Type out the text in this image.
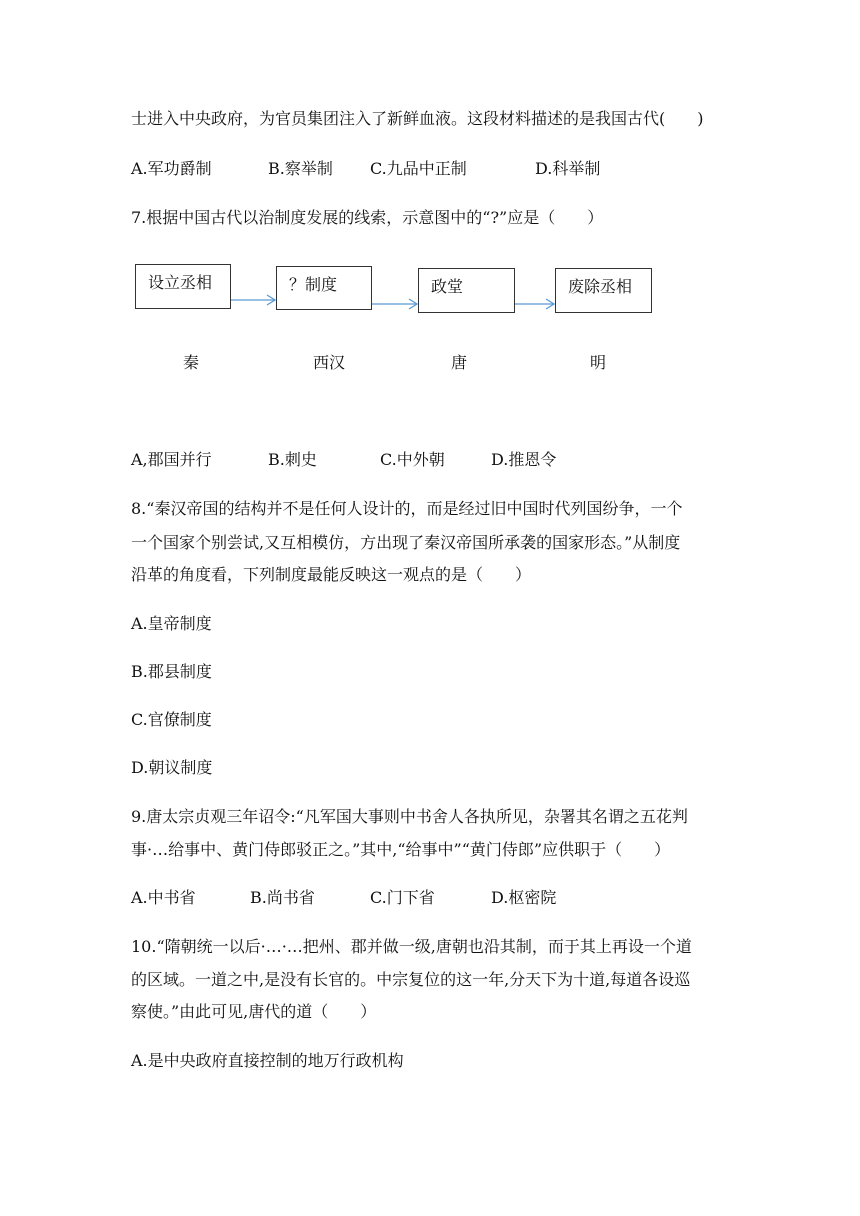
士进入中央政府，为官员集团注入了新鲜血液。这段材料描述的是我国古代(　　)
A.军功爵制	B.察举制 C.九品中正制	D.科举制
7.根据中国古代以治制度发展的线索，示意图中的“?”应是（　　）
设立丞相	？制度	政堂	废除丞相
秦	西汉	唐	明
A,郡国并行	B.刺史	C.中外朝	D.推恩令
8.“秦汉帝国的结构并不是任何人设计的，而是经过旧中国时代列国纷争，一个
一个国家个别尝试,又互相模仿，方出现了秦汉帝国所承袭的国家形态。”从制度
沿革的角度看，下列制度最能反映这一观点的是（　　）
A.皇帝制度
B.郡县制度
C.官僚制度
D.朝议制度
9.唐太宗贞观三年诏令:“凡军国大事则中书舍人各执所见，杂署其名谓之五花判
事·…给事中、黄门侍郎驳正之。”其中,“给事中”“黄门侍郎”应供职于（　　）
A.中书省	B.尚书省	C.门下省	D.枢密院
10.“隋朝统一以后·…·…把州、郡并做一级,唐朝也沿其制，而于其上再设一个道
的区域。一道之中,是没有长官的。中宗复位的这一年,分天下为十道,每道各设巡
察使。”由此可见,唐代的道（　　）
A.是中央政府直接控制的地万行政机构
